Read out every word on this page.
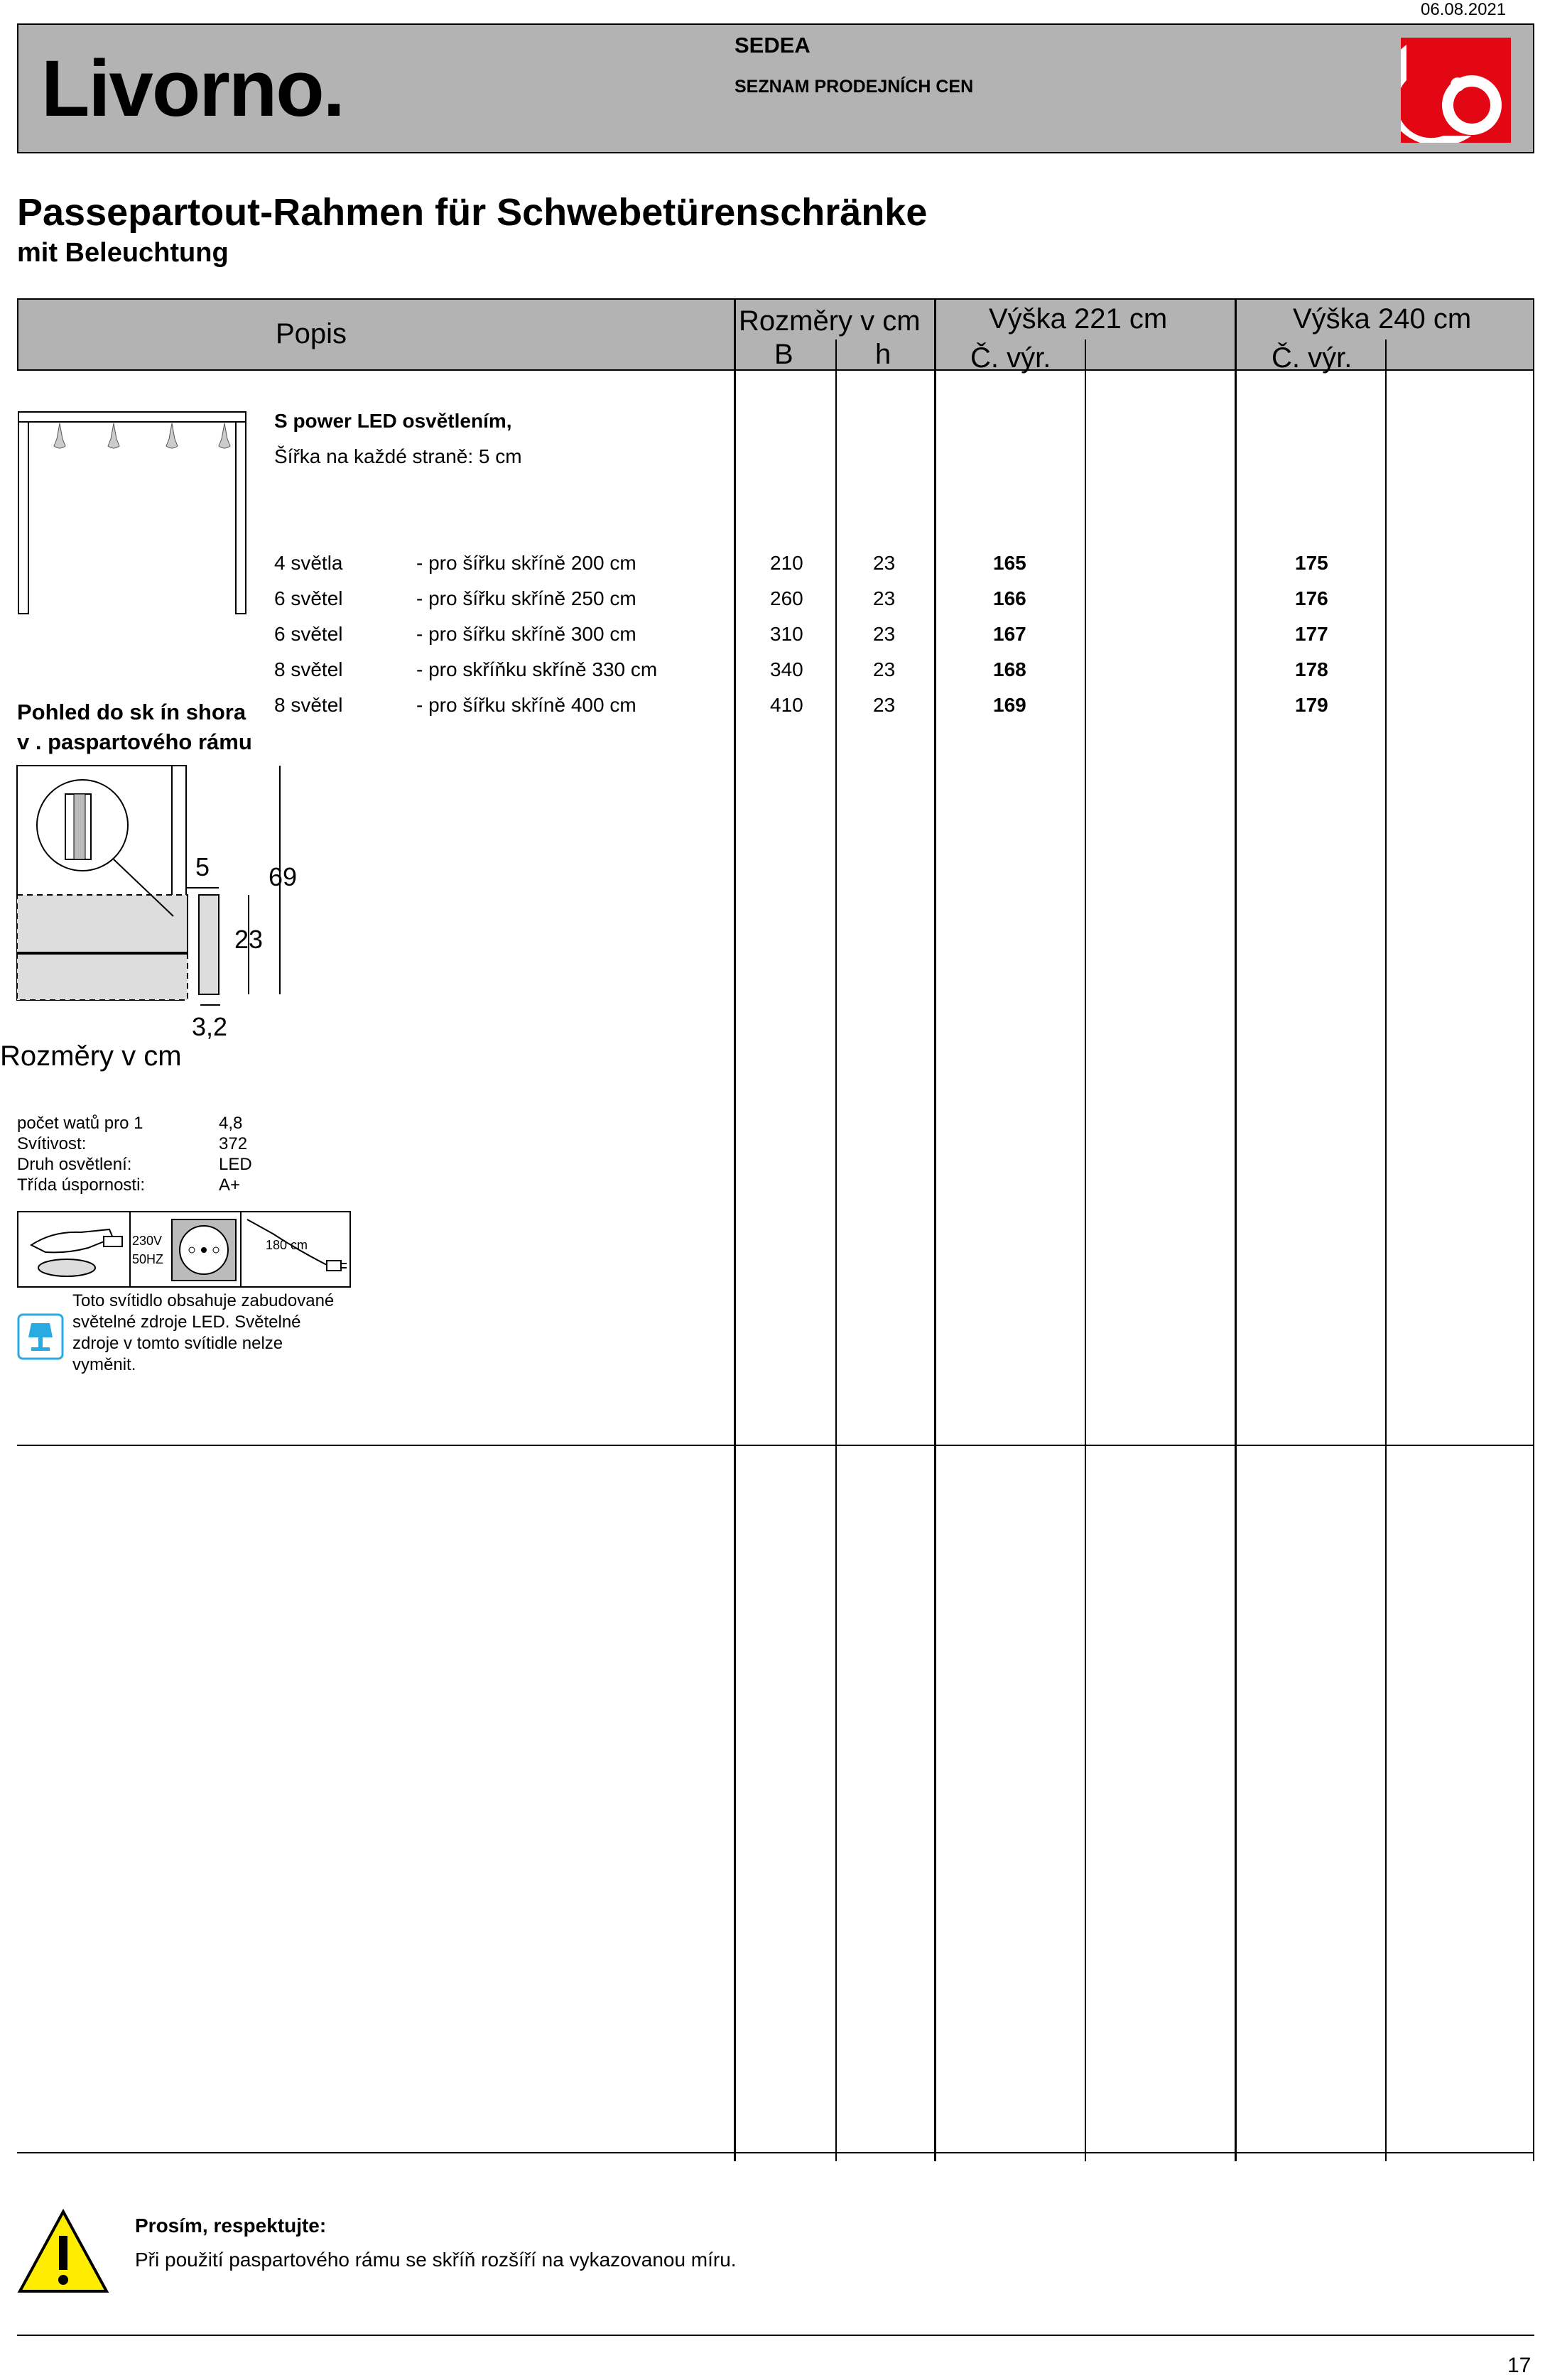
06.08.2021
Livorno.	SEDEA
SEZNAM PRODEJNÍCH CEN
Passepartout-Rahmen für Schwebetürenschränke
mit Beleuchtung
Popis	Rozměry v cm
B	h
Výška 221 cm	Výška 240 cm
Č. výr.	Č. výr.
S power LED osvětlením,
Šířka na každé straně: 5 cm
4 světla	- pro šířku skříně 200 cm	210	23	165	175
6 světel	- pro šířku skříně 250 cm	260	23	166	176
6 světel	- pro šířku skříně 300 cm	310	23	167	177
8 světel	- pro skříňku skříně 330 cm	340	23	168	178
8 světel	- pro šířku skříně 400 cm	410	23	169	179
Pohled do sk ín shora
v . paspartového rámu
5 69
23
3,2
Rozměry v cm
počet watů pro 1	4,8
Svítivost:	372
Druh osvětlení:	LED
Třída úspornosti:	A+
230V
50HZ
180 cm
Toto svítidlo obsahuje zabudované
světelné zdroje LED. Světelné
zdroje v tomto svítidle nelze
vyměnit.
Prosím, respektujte:
Při použití paspartového rámu se skříň rozšíří na vykazovanou míru.
17
